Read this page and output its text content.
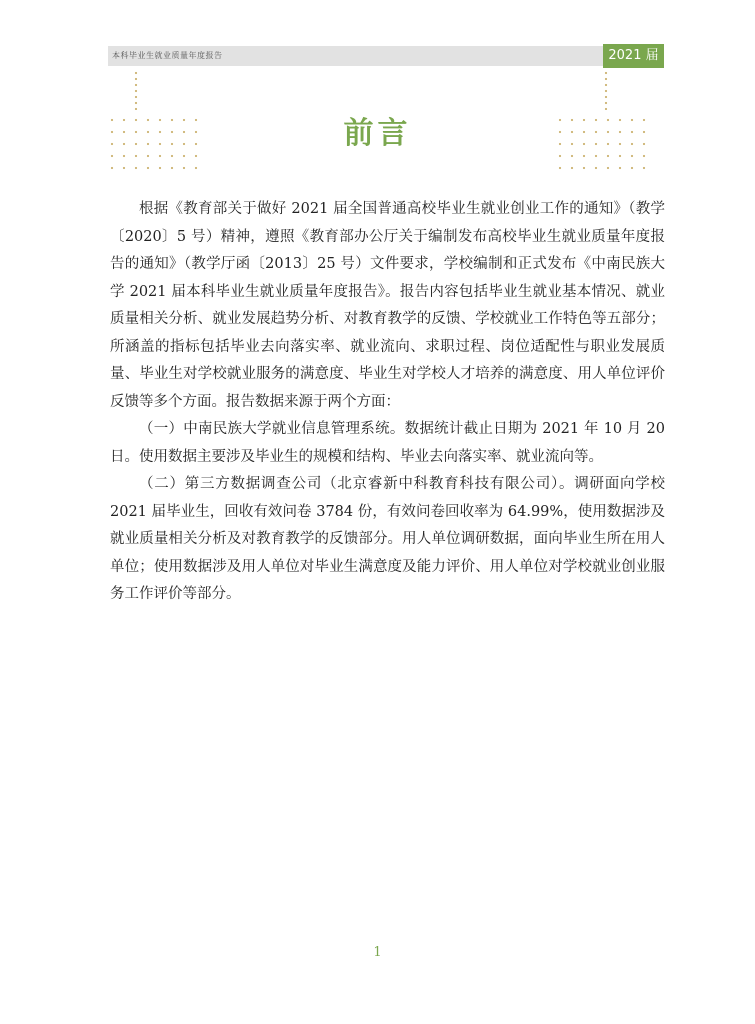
本科毕业生就业质量年度报告	2021 届
前言

根据《教育部关于做好 2021 届全国普通高校毕业生就业创业工作的通知》（教学〔2020〕5 号）精神，遵照《教育部办公厅关于编制发布高校毕业生就业质量年度报告的通知》（教学厅函〔2013〕25 号）文件要求，学校编制和正式发布《中南民族大学 2021 届本科毕业生就业质量年度报告》。报告内容包括毕业生就业基本情况、就业质量相关分析、就业发展趋势分析、对教育教学的反馈、学校就业工作特色等五部分；所涵盖的指标包括毕业去向落实率、就业流向、求职过程、岗位适配性与职业发展质量、毕业生对学校就业服务的满意度、毕业生对学校人才培养的满意度、用人单位评价反馈等多个方面。报告数据来源于两个方面：

（一）中南民族大学就业信息管理系统。数据统计截止日期为 2021 年 10 月 20 日。使用数据主要涉及毕业生的规模和结构、毕业去向落实率、就业流向等。

（二）第三方数据调查公司（北京睿新中科教育科技有限公司）。调研面向学校 2021 届毕业生，回收有效问卷 3784 份，有效问卷回收率为 64.99%，使用数据涉及就业质量相关分析及对教育教学的反馈部分。用人单位调研数据，面向毕业生所在用人单位；使用数据涉及用人单位对毕业生满意度及能力评价、用人单位对学校就业创业服务工作评价等部分。

1
